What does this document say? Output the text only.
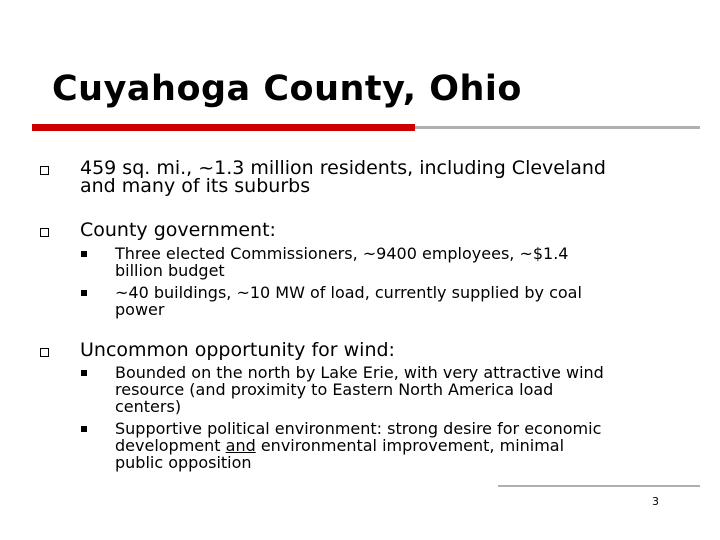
Cuyahoga County, Ohio
459 sq. mi., ~1.3 million residents, including Cleveland
and many of its suburbs
County government:
Three elected Commissioners, ~9400 employees, ~$1.4
billion budget
~40 buildings, ~10 MW of load, currently supplied by coal
power
Uncommon opportunity for wind:
Bounded on the north by Lake Erie, with very attractive wind
resource (and proximity to Eastern North America load
centers)
Supportive political environment: strong desire for economic
development and environmental improvement, minimal
public opposition
3
